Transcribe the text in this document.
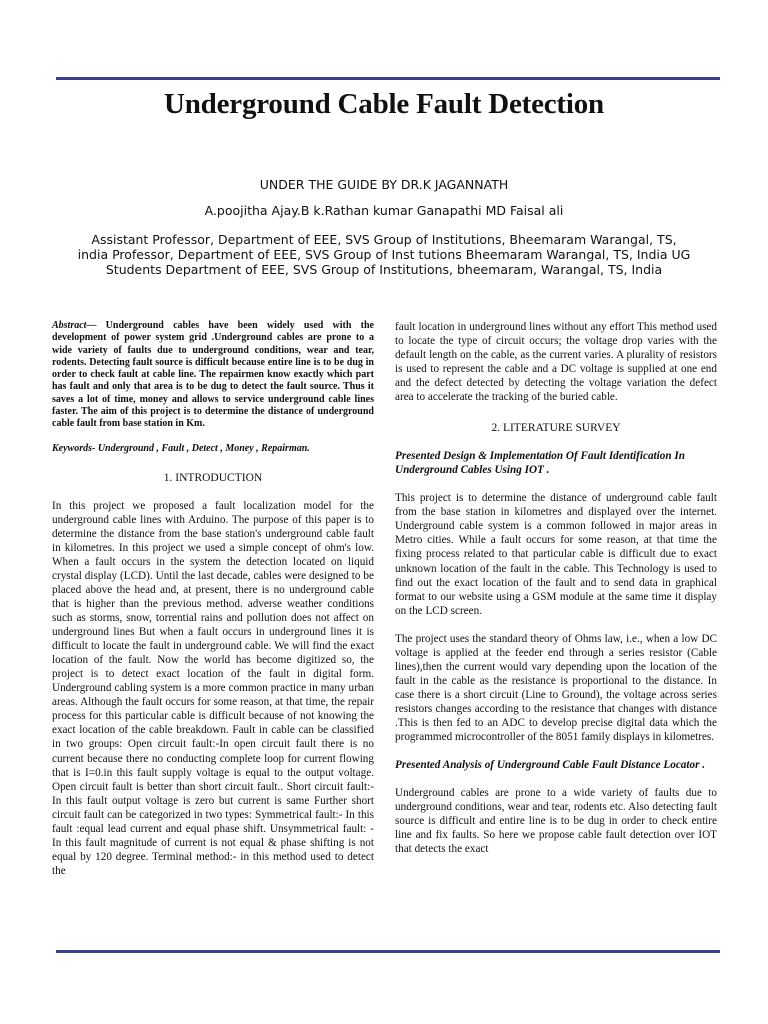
Underground Cable Fault Detection
UNDER THE GUIDE BY DR.K JAGANNATH
A.poojitha Ajay.B k.Rathan kumar Ganapathi MD Faisal ali
Assistant Professor, Department of EEE, SVS Group of Institutions, Bheemaram Warangal, TS,
india Professor, Department of EEE, SVS Group of Inst tutions Bheemaram Warangal, TS, India UG
Students Department of EEE, SVS Group of Institutions, bheemaram, Warangal, TS, India

Abstract— Underground cables have been widely used with the development of power system grid .Underground cables are prone to a wide variety of faults due to underground conditions, wear and tear, rodents. Detecting fault source is difficult because entire line is to be dug in order to check fault at cable line. The repairmen know exactly which part has fault and only that area is to be dug to detect the fault source. Thus it saves a lot of time, money and allows to service underground cable lines faster. The aim of this project is to determine the distance of underground cable fault from base station in Km.

Keywords- Underground , Fault , Detect , Money , Repairman.

1. INTRODUCTION

In this project we proposed a fault localization model for the underground cable lines with Arduino. The purpose of this paper is to determine the distance from the base station's underground cable fault in kilometres. In this project we used a simple concept of ohm's low. When a fault occurs in the system the detection located on liquid crystal display (LCD). Until the last decade, cables were designed to be placed above the head and, at present, there is no underground cable that is higher than the previous method. adverse weather conditions such as storms, snow, torrential rains and pollution does not affect on underground lines But when a fault occurs in underground lines it is difficult to locate the fault in underground cable. We will find the exact location of the fault. Now the world has become digitized so, the project is to detect exact location of the fault in digital form. Underground cabling system is a more common practice in many urban areas. Although the fault occurs for some reason, at that time, the repair process for this particular cable is difficult because of not knowing the exact location of the cable breakdown. Fault in cable can be classified in two groups: Open circuit fault:-In open circuit fault there is no current because there no conducting complete loop for current flowing that is I=0.in this fault supply voltage is equal to the output voltage. Open circuit fault is better than short circuit fault.. Short circuit fault:- In this fault output voltage is zero but current is same Further short circuit fault can be categorized in two types: Symmetrical fault:- In this fault :equal lead current and equal phase shift. Unsymmetrical fault: - In this fault magnitude of current is not equal & phase shifting is not equal by 120 degree. Terminal method:- in this method used to detect the

fault location in underground lines without any effort This method used to locate the type of circuit occurs; the voltage drop varies with the default length on the cable, as the current varies. A plurality of resistors is used to represent the cable and a DC voltage is supplied at one end and the defect detected by detecting the voltage variation the defect area to accelerate the tracking of the buried cable.

2. LITERATURE SURVEY

Presented Design & Implementation Of Fault Identification In Underground Cables Using IOT .

This project is to determine the distance of underground cable fault from the base station in kilometres and displayed over the internet. Underground cable system is a common followed in major areas in Metro cities. While a fault occurs for some reason, at that time the fixing process related to that particular cable is difficult due to exact unknown location of the fault in the cable. This Technology is used to find out the exact location of the fault and to send data in graphical format to our website using a GSM module at the same time it display on the LCD screen.

The project uses the standard theory of Ohms law, i.e., when a low DC voltage is applied at the feeder end through a series resistor (Cable lines),then the current would vary depending upon the location of the fault in the cable as the resistance is proportional to the distance. In case there is a short circuit (Line to Ground), the voltage across series resistors changes according to the resistance that changes with distance .This is then fed to an ADC to develop precise digital data which the programmed microcontroller of the 8051 family displays in kilometres.

Presented Analysis of Underground Cable Fault Distance Locator .

Underground cables are prone to a wide variety of faults due to underground conditions, wear and tear, rodents etc. Also detecting fault source is difficult and entire line is to be dug in order to check entire line and fix faults. So here we propose cable fault detection over IOT that detects the exact
